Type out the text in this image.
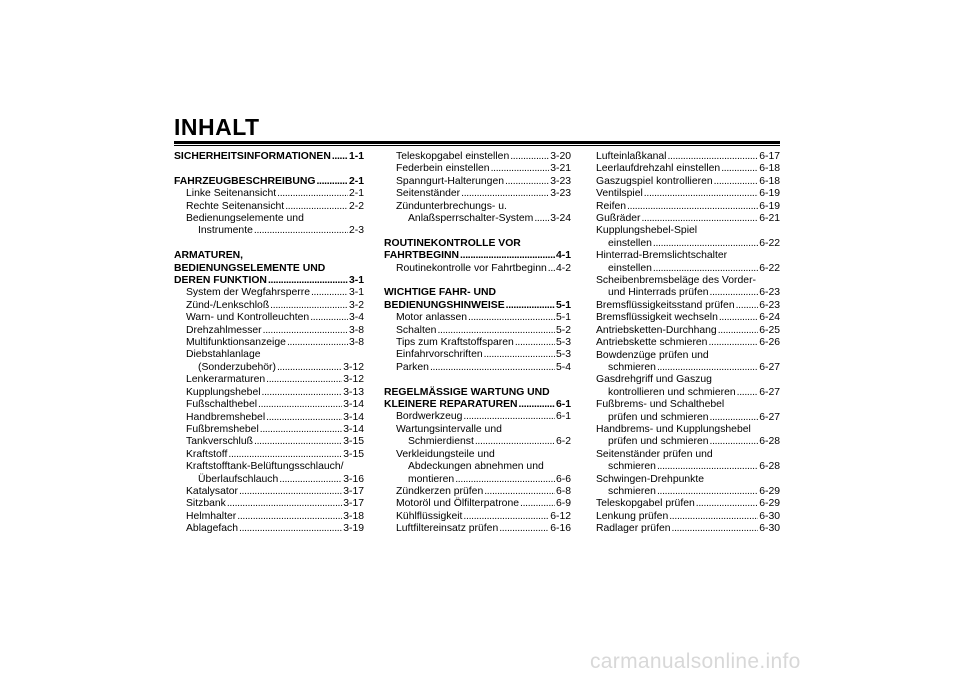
INHALT
SICHERHEITSINFORMATIONEN . . . 1-1
FAHRZEUGBESCHREIBUNG . . .	2-1
Linke Seitenansicht . . .	2-1
Rechte Seitenansicht . . .	2-2
Bedienungselemente und
Instrumente . . .	2-3
ARMATUREN,
BEDIENUNGSELEMENTE UND
DEREN FUNKTION . . .	3-1
System der Wegfahrsperre . . .	3-1
Zünd-/Lenkschloß . . .	3-2
Warn- und Kontrolleuchten . . .	3-4
Drehzahlmesser . . .	3-8
Multifunktionsanzeige . . .	3-8
Diebstahlanlage
(Sonderzubehör) . . .	3-12
Lenkerarmaturen . . .	3-12
Kupplungshebel . . .	3-13
Fußschalthebel . . .	3-14
Handbremshebel . . .	3-14
Fußbremshebel . . .	3-14
Tankverschluß . . .	3-15
Kraftstoff . . .	3-15
Kraftstofftank-Belüftungsschlauch/
Überlaufschlauch . . .	3-16
Katalysator . . .	3-17
Sitzbank . . .	3-17
Helmhalter . . .	3-18
Ablagefach . . .	3-19
Teleskopgabel einstellen . . .	3-20
Federbein einstellen . . .	3-21
Spanngurt-Halterungen . . .	3-23
Seitenständer . . .	3-23
Zündunterbrechungs- u.
Anlaßsperrschalter-System . . . 3-24
ROUTINEKONTROLLE VOR
FAHRTBEGINN . . .	4-1
Routinekontrolle vor Fahrtbeginn . . . 4-2
WICHTIGE FAHR- UND
BEDIENUNGSHINWEISE . . .	5-1
Motor anlassen . . .	5-1
Schalten . . .	5-2
Tips zum Kraftstoffsparen . . .	5-3
Einfahrvorschriften . . .	5-3
Parken . . .	5-4
REGELMÄSSIGE WARTUNG UND
KLEINERE REPARATUREN . . .	6-1
Bordwerkzeug . . .	6-1
Wartungsintervalle und
Schmierdienst . . .	6-2
Verkleidungsteile und
Abdeckungen abnehmen und
montieren . . .	6-6
Zündkerzen prüfen . . .	6-8
Motoröl und Ölfilterpatrone . . .	6-9
Kühlflüssigkeit . . .	6-12
Luftfiltereinsatz prüfen . . .	6-16
Lufteinlaßkanal . . .	6-17
Leerlaufdrehzahl einstellen . . .	6-18
Gaszugspiel kontrollieren . . .	6-18
Ventilspiel . . .	6-19
Reifen . . .	6-19
Gußräder . . .	6-21
Kupplungshebel-Spiel
einstellen . . .	6-22
Hinterrad-Bremslichtschalter
einstellen . . .	6-22
Scheibenbremsbeläge des Vorder-
und Hinterrads prüfen . . .	6-23
Bremsflüssigkeitsstand prüfen . . . 6-23
Bremsflüssigkeit wechseln . . .	6-24
Antriebsketten-Durchhang . . .	6-25
Antriebskette schmieren . . .	6-26
Bowdenzüge prüfen und
schmieren . . .	6-27
Gasdrehgriff und Gaszug
kontrollieren und schmieren . . . 6-27
Fußbrems- und Schalthebel
prüfen und schmieren . . .	6-27
Handbrems- und Kupplungshebel
prüfen und schmieren . . .	6-28
Seitenständer prüfen und
schmieren . . .	6-28
Schwingen-Drehpunkte
schmieren . . .	6-29
Teleskopgabel prüfen . . .	6-29
Lenkung prüfen . . .	6-30
Radlager prüfen . . .	6-30
carmanualsonline.info
